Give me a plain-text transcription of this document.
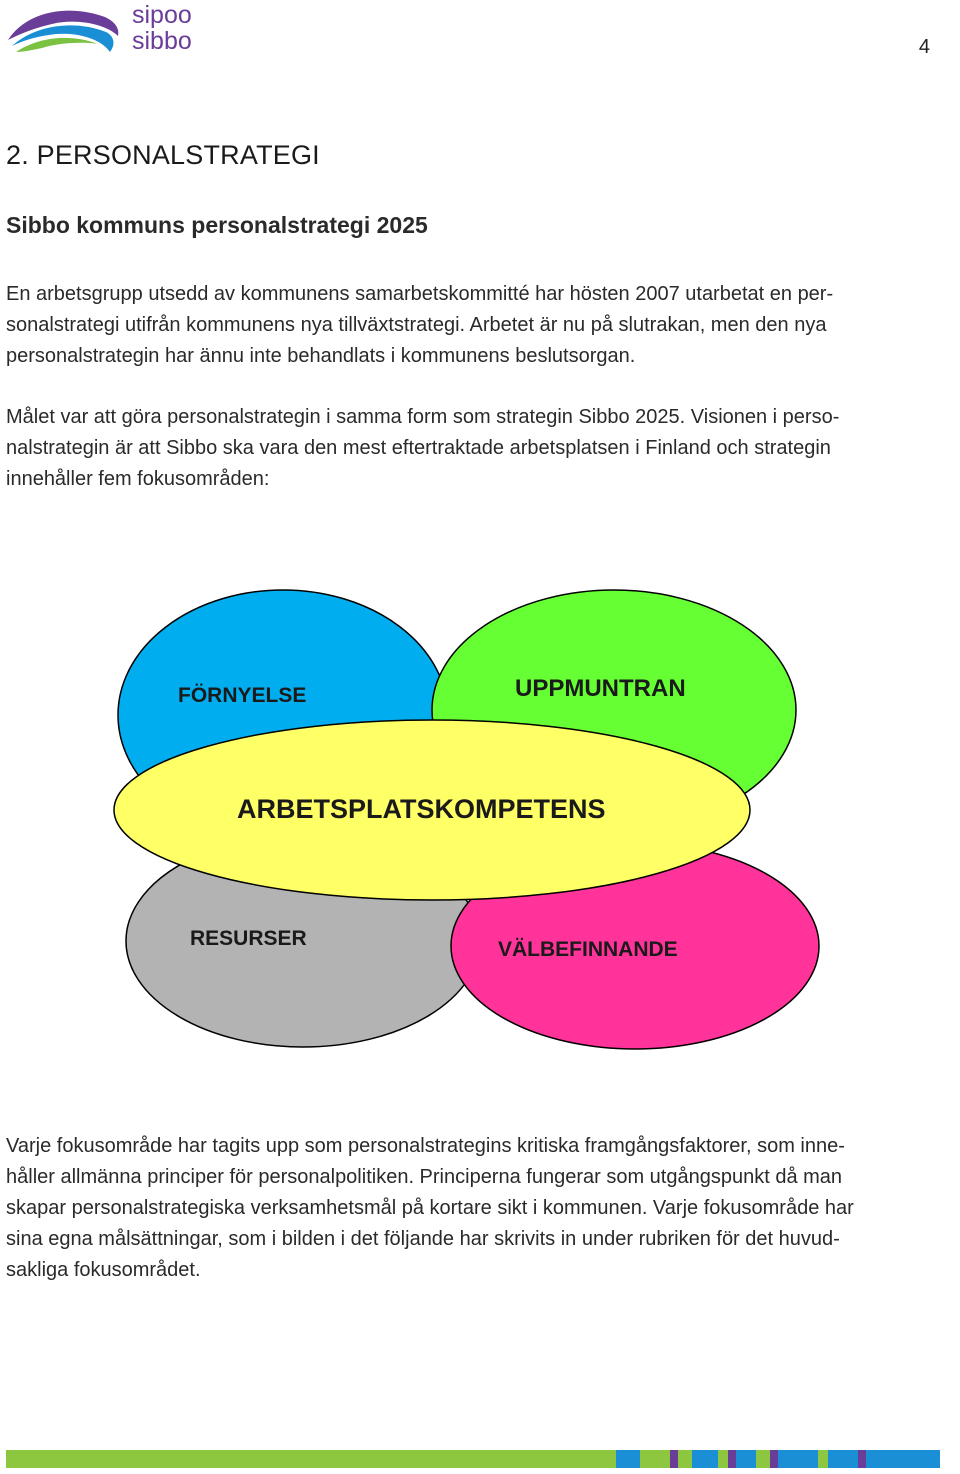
sipoo
sibbo	4
2. PERSONALSTRATEGI
Sibbo kommuns personalstrategi 2025
En arbetsgrupp utsedd av kommunens samarbetskommitté har hösten 2007 utarbetat en per-
sonalstrategi utifrån kommunens nya tillväxtstrategi. Arbetet är nu på slutrakan, men den nya
personalstrategin har ännu inte behandlats i kommunens beslutsorgan.
Målet var att göra personalstrategin i samma form som strategin Sibbo 2025. Visionen i perso-
nalstrategin är att Sibbo ska vara den mest eftertraktade arbetsplatsen i Finland och strategin
innehåller fem fokusområden:
FÖRNYELSE	UPPMUNTRAN
ARBETSPLATSKOMPETENS
RESURSER	VÄLBEFINNANDE
Varje fokusområde har tagits upp som personalstrategins kritiska framgångsfaktorer, som inne-
håller allmänna principer för personalpolitiken. Principerna fungerar som utgångspunkt då man
skapar personalstrategiska verksamhetsmål på kortare sikt i kommunen. Varje fokusområde har
sina egna målsättningar, som i bilden i det följande har skrivits in under rubriken för det huvud-
sakliga fokusområdet.
